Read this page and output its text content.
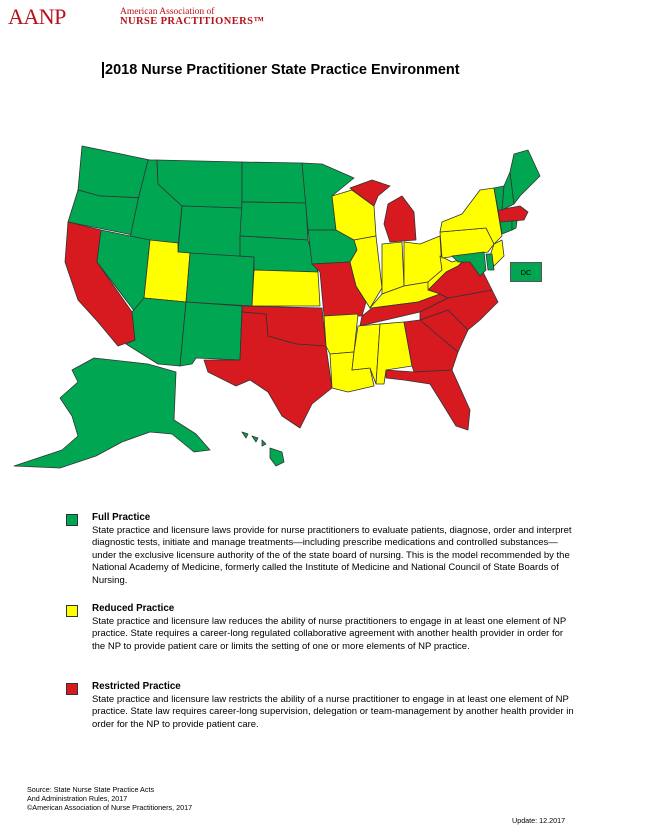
AANP	American Association of
NURSE PRACTITIONERS™
2018 Nurse Practitioner State Practice Environment
DC
Full Practice
State practice and licensure laws provide for nurse practitioners to evaluate patients, diagnose, order and interpret diagnostic tests, initiate and manage treatments—including prescribe medications and controlled substances—under the exclusive licensure authority of the of the state board of nursing. This is the model recommended by the National Academy of Medicine, formerly called the Institute of Medicine and National Council of State Boards of Nursing.
Reduced Practice
State practice and licensure law reduces the ability of nurse practitioners to engage in at least one element of NP practice. State requires a career-long regulated collaborative agreement with another health provider in order for the NP to provide patient care or limits the setting of one or more elements of NP practice.
Restricted Practice
State practice and licensure law restricts the ability of a nurse practitioner to engage in at least one element of NP practice. State law requires career-long supervision, delegation or team-management by another health provider in order for the NP to provide patient care.
Source: State Nurse State Practice Acts
And Administration Rules, 2017
©American Association of Nurse Practitioners, 2017
Update: 12.2017
